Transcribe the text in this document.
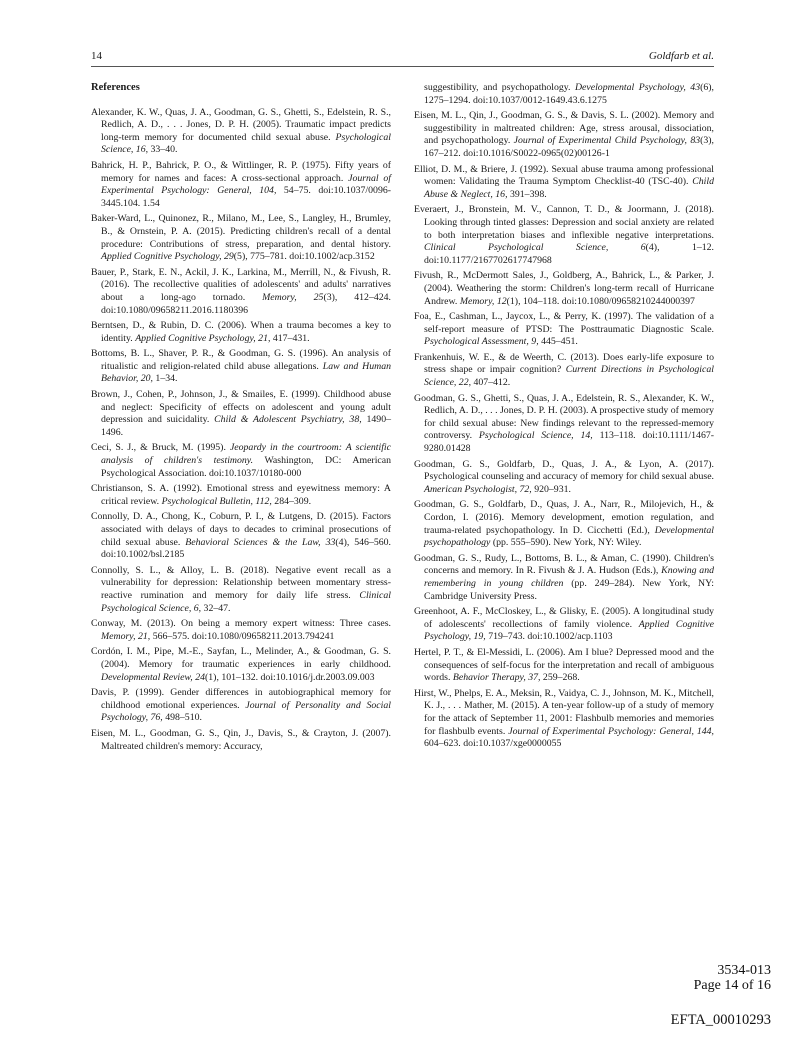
14	Goldfarb et al.
References
Alexander, K. W., Quas, J. A., Goodman, G. S., Ghetti, S., Edelstein, R. S., Redlich, A. D., . . . Jones, D. P. H. (2005). Traumatic impact predicts long-term memory for documented child sexual abuse. Psychological Science, 16, 33–40.
Bahrick, H. P., Bahrick, P. O., & Wittlinger, R. P. (1975). Fifty years of memory for names and faces: A cross-sectional approach. Journal of Experimental Psychology: General, 104, 54–75. doi:10.1037/0096-3445.104. 1.54
Baker-Ward, L., Quinonez, R., Milano, M., Lee, S., Langley, H., Brumley, B., & Ornstein, P. A. (2015). Predicting children's recall of a dental procedure: Contributions of stress, preparation, and dental history. Applied Cognitive Psychology, 29(5), 775–781. doi:10.1002/acp.3152
Bauer, P., Stark, E. N., Ackil, J. K., Larkina, M., Merrill, N., & Fivush, R. (2016). The recollective qualities of adolescents' and adults' narratives about a long-ago tornado. Memory, 25(3), 412–424. doi:10.1080/09658211.2016.1180396
Berntsen, D., & Rubin, D. C. (2006). When a trauma becomes a key to identity. Applied Cognitive Psychology, 21, 417–431.
Bottoms, B. L., Shaver, P. R., & Goodman, G. S. (1996). An analysis of ritualistic and religion-related child abuse allegations. Law and Human Behavior, 20, 1–34.
Brown, J., Cohen, P., Johnson, J., & Smailes, E. (1999). Childhood abuse and neglect: Specificity of effects on adolescent and young adult depression and suicidality. Child & Adolescent Psychiatry, 38, 1490–1496.
Ceci, S. J., & Bruck, M. (1995). Jeopardy in the courtroom: A scientific analysis of children's testimony. Washington, DC: American Psychological Association. doi:10.1037/10180-000
Christianson, S. A. (1992). Emotional stress and eyewitness memory: A critical review. Psychological Bulletin, 112, 284–309.
Connolly, D. A., Chong, K., Coburn, P. I., & Lutgens, D. (2015). Factors associated with delays of days to decades to criminal prosecutions of child sexual abuse. Behavioral Sciences & the Law, 33(4), 546–560. doi:10.1002/bsl.2185
Connolly, S. L., & Alloy, L. B. (2018). Negative event recall as a vulnerability for depression: Relationship between momentary stress-reactive rumination and memory for daily life stress. Clinical Psychological Science, 6, 32–47.
Conway, M. (2013). On being a memory expert witness: Three cases. Memory, 21, 566–575. doi:10.1080/09658211.2013.794241
Cordón, I. M., Pipe, M.-E., Sayfan, L., Melinder, A., & Goodman, G. S. (2004). Memory for traumatic experiences in early childhood. Developmental Review, 24(1), 101–132. doi:10.1016/j.dr.2003.09.003
Davis, P. (1999). Gender differences in autobiographical memory for childhood emotional experiences. Journal of Personality and Social Psychology, 76, 498–510.
Eisen, M. L., Goodman, G. S., Qin, J., Davis, S., & Crayton, J. (2007). Maltreated children's memory: Accuracy,
suggestibility, and psychopathology. Developmental Psychology, 43(6), 1275–1294. doi:10.1037/0012-1649.43.6.1275
Eisen, M. L., Qin, J., Goodman, G. S., & Davis, S. L. (2002). Memory and suggestibility in maltreated children: Age, stress arousal, dissociation, and psychopathology. Journal of Experimental Child Psychology, 83(3), 167–212. doi:10.1016/S0022-0965(02)00126-1
Elliot, D. M., & Briere, J. (1992). Sexual abuse trauma among professional women: Validating the Trauma Symptom Checklist-40 (TSC-40). Child Abuse & Neglect, 16, 391–398.
Everaert, J., Bronstein, M. V., Cannon, T. D., & Joormann, J. (2018). Looking through tinted glasses: Depression and social anxiety are related to both interpretation biases and inflexible negative interpretations. Clinical Psychological Science, 6(4), 1–12. doi:10.1177/2167702617747968
Fivush, R., McDermott Sales, J., Goldberg, A., Bahrick, L., & Parker, J. (2004). Weathering the storm: Children's long-term recall of Hurricane Andrew. Memory, 12(1), 104–118. doi:10.1080/09658210244000397
Foa, E., Cashman, L., Jaycox, L., & Perry, K. (1997). The validation of a self-report measure of PTSD: The Posttraumatic Diagnostic Scale. Psychological Assessment, 9, 445–451.
Frankenhuis, W. E., & de Weerth, C. (2013). Does early-life exposure to stress shape or impair cognition? Current Directions in Psychological Science, 22, 407–412.
Goodman, G. S., Ghetti, S., Quas, J. A., Edelstein, R. S., Alexander, K. W., Redlich, A. D., . . . Jones, D. P. H. (2003). A prospective study of memory for child sexual abuse: New findings relevant to the repressed-memory controversy. Psychological Science, 14, 113–118. doi:10.1111/1467-9280.01428
Goodman, G. S., Goldfarb, D., Quas, J. A., & Lyon, A. (2017). Psychological counseling and accuracy of memory for child sexual abuse. American Psychologist, 72, 920–931.
Goodman, G. S., Goldfarb, D., Quas, J. A., Narr, R., Milojevich, H., & Cordon, I. (2016). Memory development, emotion regulation, and trauma-related psychopathology. In D. Cicchetti (Ed.), Developmental psychopathology (pp. 555–590). New York, NY: Wiley.
Goodman, G. S., Rudy, L., Bottoms, B. L., & Aman, C. (1990). Children's concerns and memory. In R. Fivush & J. A. Hudson (Eds.), Knowing and remembering in young children (pp. 249–284). New York, NY: Cambridge University Press.
Greenhoot, A. F., McCloskey, L., & Glisky, E. (2005). A longitudinal study of adolescents' recollections of family violence. Applied Cognitive Psychology, 19, 719–743. doi:10.1002/acp.1103
Hertel, P. T., & El-Messidi, L. (2006). Am I blue? Depressed mood and the consequences of self-focus for the interpretation and recall of ambiguous words. Behavior Therapy, 37, 259–268.
Hirst, W., Phelps, E. A., Meksin, R., Vaidya, C. J., Johnson, M. K., Mitchell, K. J., . . . Mather, M. (2015). A ten-year follow-up of a study of memory for the attack of September 11, 2001: Flashbulb memories and memories for flashbulb events. Journal of Experimental Psychology: General, 144, 604–623. doi:10.1037/xge0000055
3534-013
Page 14 of 16
EFTA_00010293
